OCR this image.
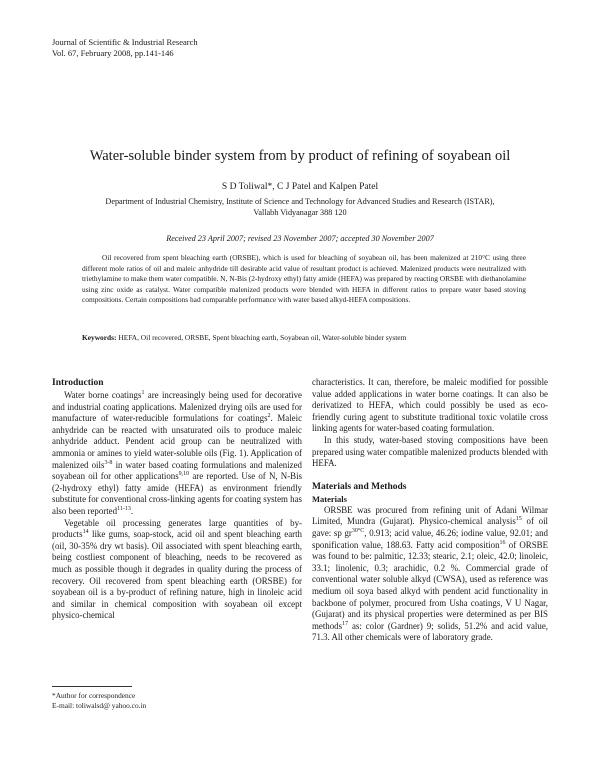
Journal of Scientific & Industrial Research
Vol. 67, February 2008, pp.141-146
Water-soluble binder system from by product of refining of soyabean oil
S D Toliwal*, C J Patel and Kalpen Patel
Department of Industrial Chemistry, Institute of Science and Technology for Advanced Studies and Research (ISTAR),
Vallabh Vidyanagar 388 120
Received 23 April 2007; revised 23 November 2007; accepted 30 November 2007

Oil recovered from spent bleaching earth (ORSBE), which is used for bleaching of soyabean oil, has been malenized at 210°C using three different mole ratios of oil and maleic anhydride till desirable acid value of resultant product is achieved. Malenized products were neutralized with triethylamine to make them water compatible. N, N-Bis (2-hydroxy ethyl) fatty amide (HEFA) was prepared by reacting ORSBE with diethanolamine using zinc oxide as catalyst. Water compatible malenized products were blended with HEFA in different ratios to prepare water based stoving compositions. Certain compositions had comparable performance with water based alkyd-HEFA compositions.

Keywords: HEFA, Oil recovered, ORSBE, Spent bleaching earth, Soyabean oil, Water-soluble binder system
Introduction

Water borne coatings$^1$ are increasingly being used for decorative and industrial coating applications. Malenized drying oils are used for manufacture of water-reducible formulations for coatings$^2$. Maleic anhydride can be reacted with unsaturated oils to produce maleic anhydride adduct. Pendent acid group can be neutralized with ammonia or amines to yield water-soluble oils (Fig. 1). Application of malenized oils$^{3-8}$ in water based coating formulations and malenized soyabean oil for other applications$^{9,10}$ are reported. Use of N, N-Bis (2-hydroxy ethyl) fatty amide (HEFA) as environment friendly substitute for conventional cross-linking agents for coating system has also been reported$^{11-13}$.

Vegetable oil processing generates large quantities of by-products$^{14}$ like gums, soap-stock, acid oil and spent bleaching earth (oil, 30-35% dry wt basis). Oil associated with spent bleaching earth, being costliest component of bleaching, needs to be recovered as much as possible though it degrades in quality during the process of recovery. Oil recovered from spent bleaching earth (ORSBE) for soyabean oil is a by-product of refining nature, high in linoleic acid and similar in chemical composition with soyabean oil except physico-chemical

characteristics. It can, therefore, be maleic modified for possible value added applications in water borne coatings. It can also be derivatized to HEFA, which could possibly be used as eco-friendly curing agent to substitute traditional toxic volatile cross linking agents for water-based coating formulation.

In this study, water-based stoving compositions have been prepared using water compatible malenized products blended with HEFA.

Materials and Methods
Materials

ORSBE was procured from refining unit of Adani Wilmar Limited, Mundra (Gujarat). Physico-chemical analysis$^{15}$ of oil gave: sp $gr^{30^\circ C}$, 0.913; acid value, 46.26; iodine value, 92.01; and sponification value, 188.63. Fatty acid composition$^{16}$ of ORSBE was found to be: palmitic, 12.33; stearic, 2.1; oleic, 42.0; linoleic, 33.1; linolenic, 0.3; arachidic, 0.2 %. Commercial grade of conventional water soluble alkyd (CWSA), used as reference was medium oil soya based alkyd with pendent acid functionality in backbone of polymer, procured from Usha coatings, V U Nagar, (Gujarat) and its physical properties were determined as per BIS methods$^{17}$ as: color (Gardner) 9; solids, 51.2% and acid value, 71.3. All other chemicals were of laboratory grade.

*Author for correspondence
E-mail: toliwalsd@ yahoo.co.in
